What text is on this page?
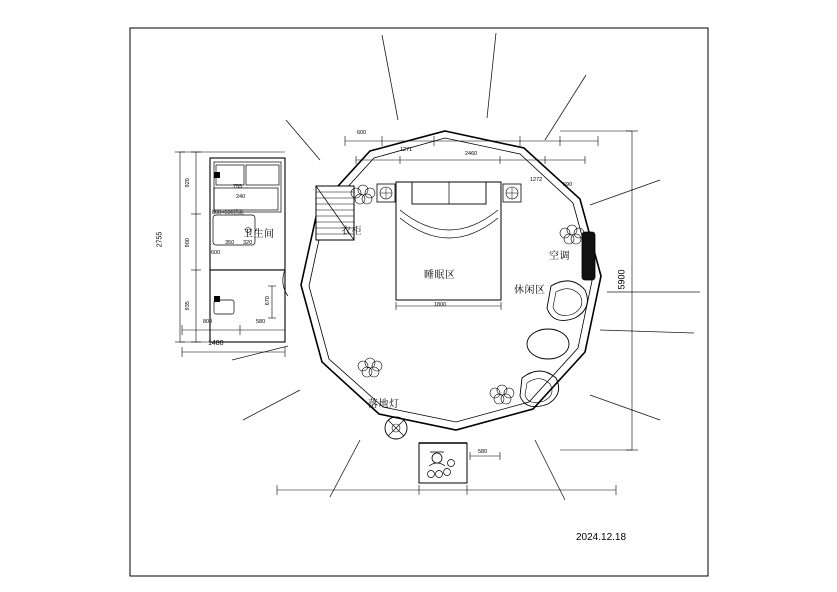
卫生间	衣柜
睡眠区
空调
休闲区
落地灯
5900
2755
920
900
935
670
1480
800	580
350 320
600
800×600浴缸
755
240
600
1271
2460
1272
590
1800
580
2024.12.18
